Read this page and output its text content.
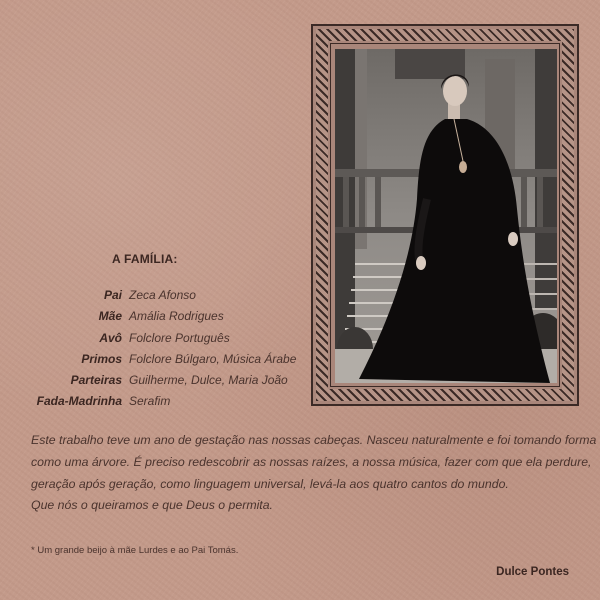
A FAMÍLIA:
Pai Zeca Afonso
Mãe Amália Rodrigues
Avô Folclore Português
Primos Folclore Búlgaro, Música Árabe
Parteiras Guilherme, Dulce, Maria João
Fada-Madrinha Serafim

Este trabalho teve um ano de gestação nas nossas cabeças. Nasceu naturalmente e foi tomando forma

como uma árvore. É preciso redescobrir as nossas raízes, a nossa música, fazer com que ela perdure,

geração após geração, como linguagem universal, levá-la aos quatro cantos do mundo.

Que nós o queiramos e que Deus o permita.

* Um grande beijo à mãe Lurdes e ao Pai Tomás.
Dulce Pontes
